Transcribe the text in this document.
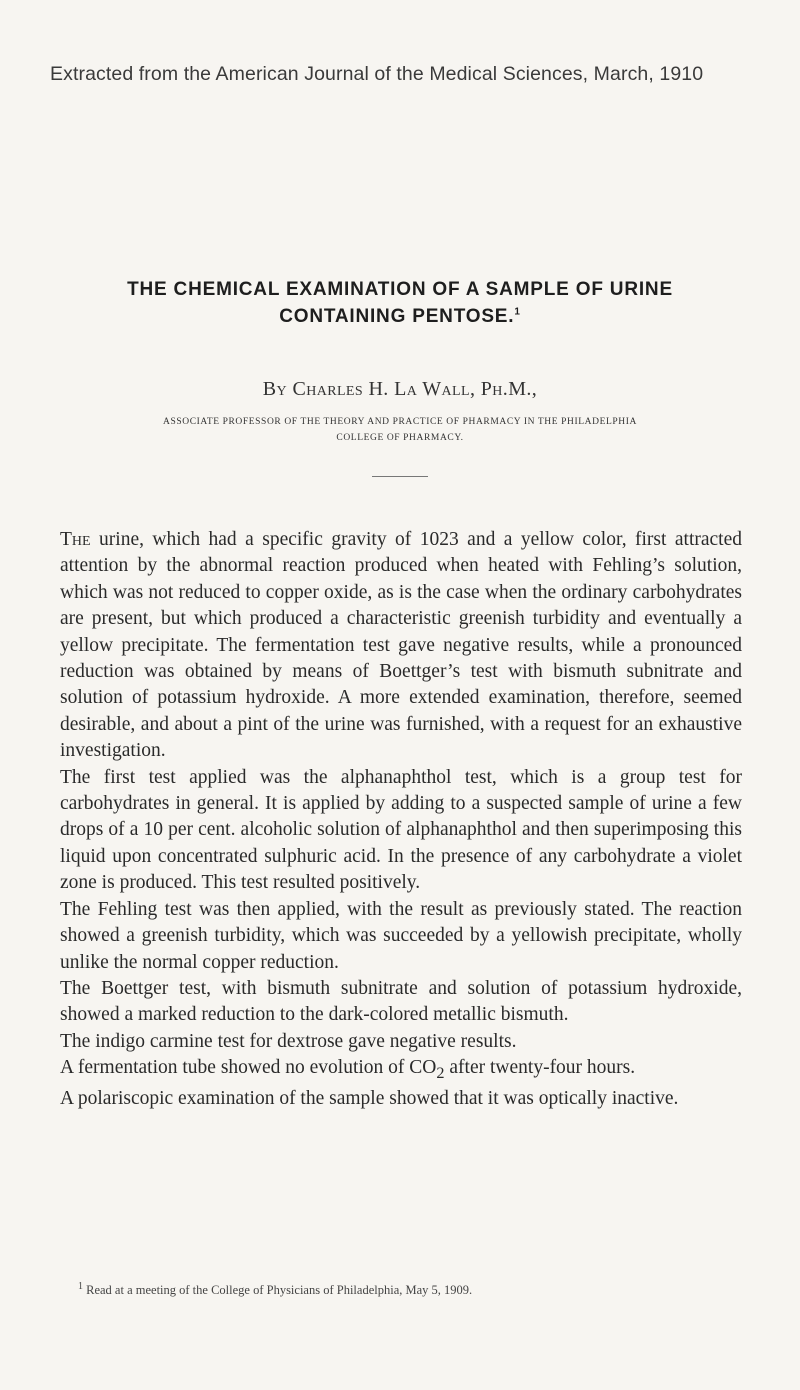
Extracted from the American Journal of the Medical Sciences, March, 1910
THE CHEMICAL EXAMINATION OF A SAMPLE OF URINE
CONTAINING PENTOSE.$^1$
By Charles H. La Wall, Ph.M.,
ASSOCIATE PROFESSOR OF THE THEORY AND PRACTICE OF PHARMACY IN THE PHILADELPHIA
COLLEGE OF PHARMACY.

The urine, which had a specific gravity of 1023 and a yellow color, first attracted attention by the abnormal reaction produced when heated with Fehling’s solution, which was not reduced to copper oxide, as is the case when the ordinary carbohydrates are present, but which produced a characteristic greenish turbidity and eventually a yellow precipitate. The fermentation test gave negative results, while a pronounced reduction was obtained by means of Boettger’s test with bismuth subnitrate and solution of potassium hydroxide. A more extended examination, therefore, seemed desirable, and about a pint of the urine was furnished, with a request for an exhaustive investigation.

The first test applied was the alphanaphthol test, which is a group test for carbohydrates in general. It is applied by adding to a suspected sample of urine a few drops of a 10 per cent. alcoholic solution of alphanaphthol and then superimposing this liquid upon concentrated sulphuric acid. In the presence of any carbohydrate a violet zone is produced. This test resulted positively.

The Fehling test was then applied, with the result as previously stated. The reaction showed a greenish turbidity, which was succeeded by a yellowish precipitate, wholly unlike the normal copper reduction.

The Boettger test, with bismuth subnitrate and solution of potassium hydroxide, showed a marked reduction to the dark-colored metallic bismuth.

The indigo carmine test for dextrose gave negative results.

A fermentation tube showed no evolution of $CO_2$ after twenty-four hours.

A polariscopic examination of the sample showed that it was optically inactive.

$^1$ Read at a meeting of the College of Physicians of Philadelphia, May 5, 1909.
